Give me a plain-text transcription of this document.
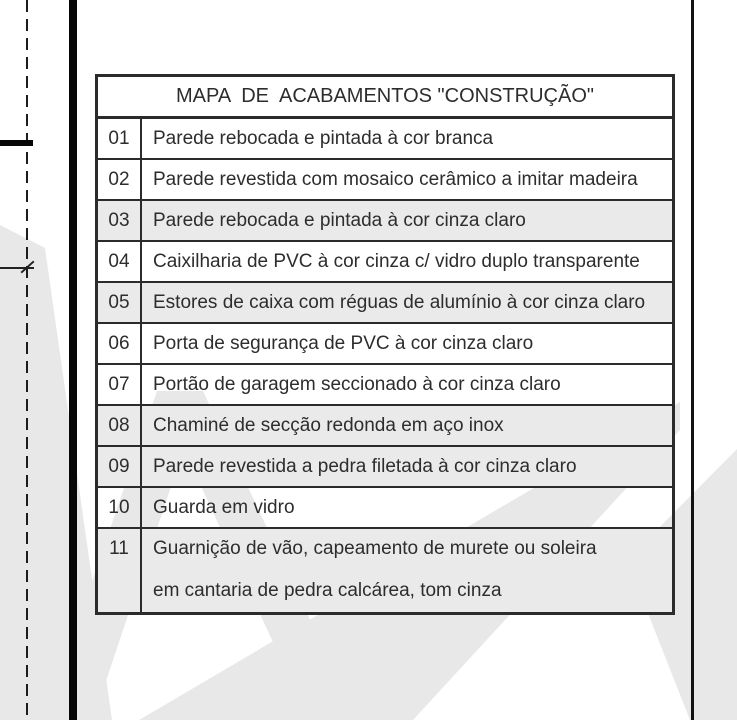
MAPA  DE  ACABAMENTOS "CONSTRUÇÃO"
01	Parede rebocada e pintada à cor branca
02	Parede revestida com mosaico cerâmico a imitar madeira
03	Parede rebocada e pintada à cor cinza claro
04	Caixilharia de PVC à cor cinza c/ vidro duplo transparente
05	Estores de caixa com réguas de alumínio à cor cinza claro
06	Porta de segurança de PVC à cor cinza claro
07	Portão de garagem seccionado à cor cinza claro
08	Chaminé de secção redonda em aço inox
09	Parede revestida a pedra filetada à cor cinza claro
10	Guarda em vidro
11	Guarnição de vão, capeamento de murete ou soleira
em cantaria de pedra calcárea, tom cinza
